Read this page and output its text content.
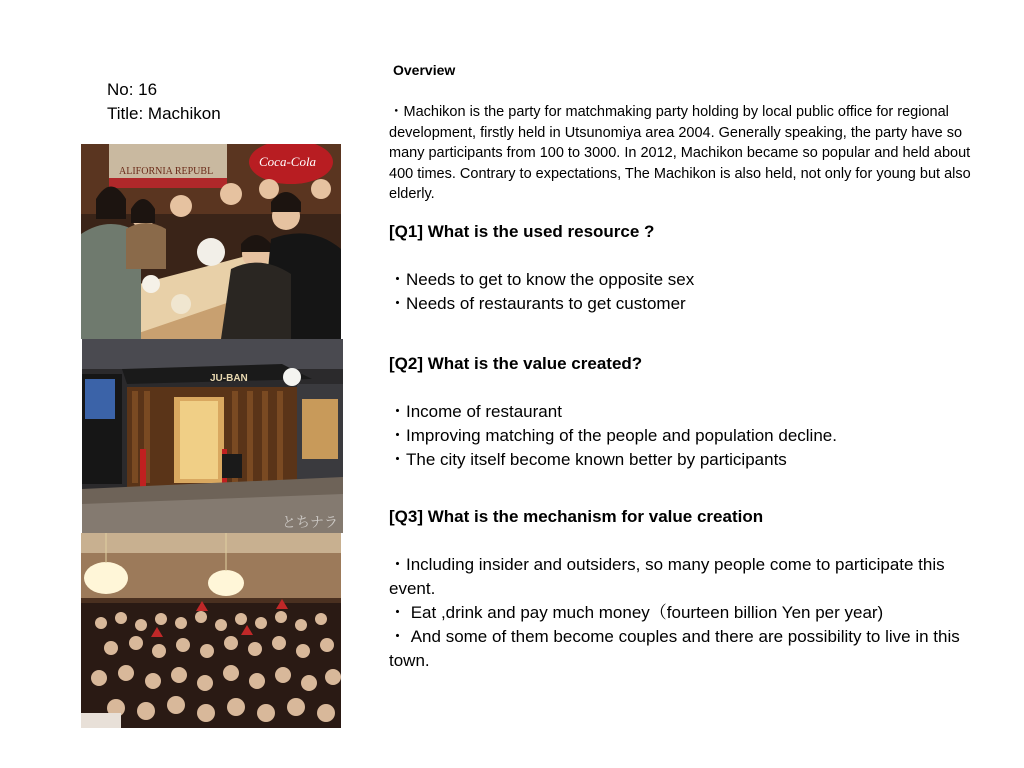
No: 16
Title: Machikon
ALIFORNIA REPUBL
Coca-Cola
JU-BAN
とちナラ
Overview
・Machikon is the party for matchmaking party holding by local public office for regional development, firstly held in Utsunomiya area 2004. Generally speaking, the party have so many participants from 100 to 3000. In 2012, Machikon became so popular and held about 400 times. Contrary to expectations, The Machikon is also held, not only for young but also elderly.
[Q1] What is the used resource ?
・Needs to get to know the opposite sex
・Needs of restaurants to get customer
[Q2] What is the value created?
・Income of restaurant
・Improving matching of the people and population decline.
・The city itself become known better by participants
[Q3] What is the mechanism for value creation
・Including insider and outsiders, so many people come to participate this event.
・ Eat ,drink and pay much money（fourteen billion Yen per year)
・ And some of them become couples and there are possibility to live in this town.
